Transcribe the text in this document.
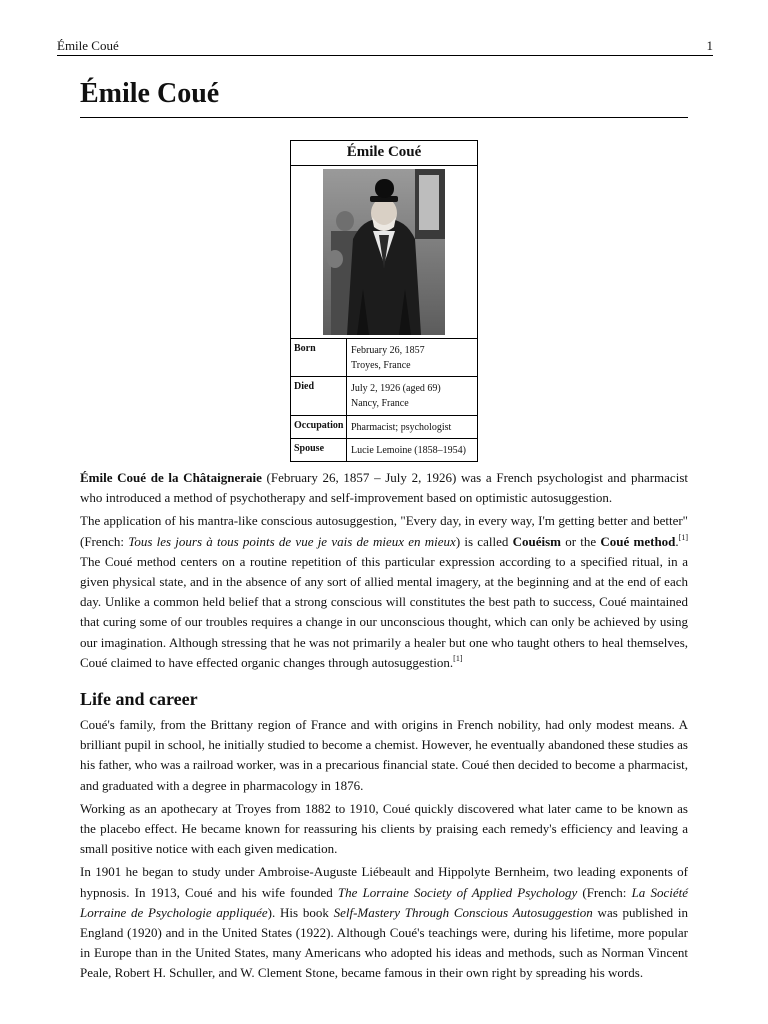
Émile Coué	1
Émile Coué
Émile Coué
Born	February 26, 1857
Troyes, France
Died	July 2, 1926 (aged 69)
Nancy, France
Occupation Pharmacist; psychologist
Spouse	Lucie Lemoine (1858–1954)

Émile Coué de la Châtaigneraie (February 26, 1857 – July 2, 1926) was a French psychologist and pharmacist who introduced a method of psychotherapy and self-improvement based on optimistic autosuggestion.

The application of his mantra-like conscious autosuggestion, "Every day, in every way, I'm getting better and better" (French: Tous les jours à tous points de vue je vais de mieux en mieux) is called Couéism or the Coué method.[1] The Coué method centers on a routine repetition of this particular expression according to a specified ritual, in a given physical state, and in the absence of any sort of allied mental imagery, at the beginning and at the end of each day. Unlike a common held belief that a strong conscious will constitutes the best path to success, Coué maintained that curing some of our troubles requires a change in our unconscious thought, which can only be achieved by using our imagination. Although stressing that he was not primarily a healer but one who taught others to heal themselves, Coué claimed to have effected organic changes through autosuggestion.[1]

Life and career

Coué's family, from the Brittany region of France and with origins in French nobility, had only modest means. A brilliant pupil in school, he initially studied to become a chemist. However, he eventually abandoned these studies as his father, who was a railroad worker, was in a precarious financial state. Coué then decided to become a pharmacist, and graduated with a degree in pharmacology in 1876.

Working as an apothecary at Troyes from 1882 to 1910, Coué quickly discovered what later came to be known as the placebo effect. He became known for reassuring his clients by praising each remedy's efficiency and leaving a small positive notice with each given medication.

In 1901 he began to study under Ambroise-Auguste Liébeault and Hippolyte Bernheim, two leading exponents of hypnosis. In 1913, Coué and his wife founded The Lorraine Society of Applied Psychology (French: La Société Lorraine de Psychologie appliquée). His book Self-Mastery Through Conscious Autosuggestion was published in England (1920) and in the United States (1922). Although Coué's teachings were, during his lifetime, more popular in Europe than in the United States, many Americans who adopted his ideas and methods, such as Norman Vincent Peale, Robert H. Schuller, and W. Clement Stone, became famous in their own right by spreading his words.
